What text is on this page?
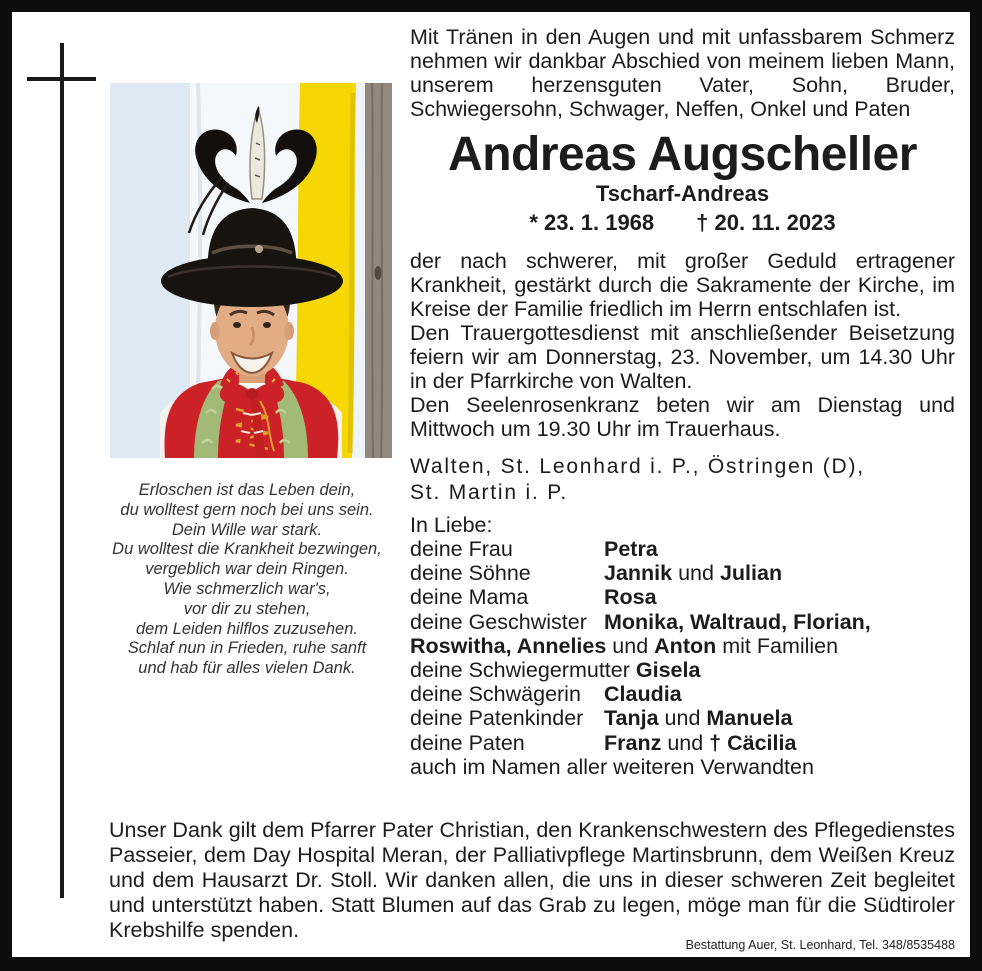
Erloschen ist das Leben dein,
du wolltest gern noch bei uns sein.
Dein Wille war stark.
Du wolltest die Krankheit bezwingen,
vergeblich war dein Ringen.
Wie schmerzlich war's,
vor dir zu stehen,
dem Leiden hilflos zuzusehen.
Schlaf nun in Frieden, ruhe sanft
und hab für alles vielen Dank.
Mit Tränen in den Augen und mit unfassbarem Schmerz nehmen wir dankbar Abschied von meinem lieben Mann, unserem herzensguten Vater, Sohn, Bruder, Schwiegersohn, Schwager, Neffen, Onkel und Paten
Andreas Augscheller
Tscharf-Andreas
* 23. 1. 1968 † 20. 11. 2023

der nach schwerer, mit großer Geduld ertragener Krankheit, gestärkt durch die Sakramente der Kirche, im Kreise der Familie friedlich im Herrn entschlafen ist.

Den Trauergottesdienst mit anschließender Beisetzung feiern wir am Donnerstag, 23. November, um 14.30 Uhr in der Pfarrkirche von Walten.

Den Seelenrosenkranz beten wir am Dienstag und Mittwoch um 19.30 Uhr im Trauerhaus.

Walten, St. Leonhard i. P., Östringen (D),
St. Martin i. P.
In Liebe:
deine Frau	Petra
deine Söhne	Jannik und Julian
deine Mama	Rosa
deine Geschwister Monika, Waltraud, Florian,
Roswitha, Annelies und Anton mit Familien
deine Schwiegermutter Gisela
deine Schwägerin	Claudia
deine Patenkinder Tanja und Manuela
deine Paten	Franz und † Cäcilia
auch im Namen aller weiteren Verwandten
Unser Dank gilt dem Pfarrer Pater Christian, den Krankenschwestern des Pflegedienstes Passeier, dem Day Hospital Meran, der Palliativpflege Martinsbrunn, dem Weißen Kreuz und dem Hausarzt Dr. Stoll. Wir danken allen, die uns in dieser schweren Zeit begleitet und unterstützt haben. Statt Blumen auf das Grab zu legen, möge man für die Südtiroler Krebshilfe spenden.
Bestattung Auer, St. Leonhard, Tel. 348/8535488
